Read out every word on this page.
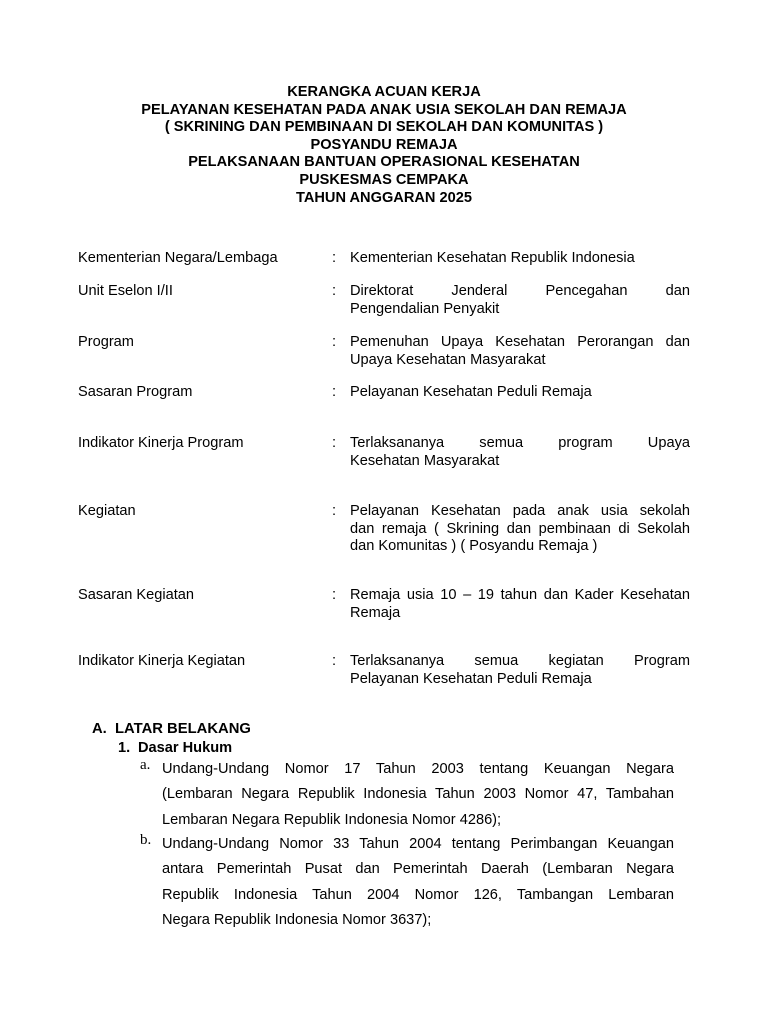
KERANGKA ACUAN KERJA
PELAYANAN KESEHATAN PADA ANAK USIA SEKOLAH DAN REMAJA
( SKRINING DAN PEMBINAAN DI SEKOLAH DAN KOMUNITAS )
POSYANDU REMAJA
PELAKSANAAN BANTUAN OPERASIONAL KESEHATAN
PUSKESMAS CEMPAKA
TAHUN ANGGARAN 2025
Kementerian Negara/Lembaga	: Kementerian Kesehatan Republik Indonesia
Unit Eselon I/II	: Direktorat Jenderal Pencegahan dan
Pengendalian Penyakit
Program	: Pemenuhan Upaya Kesehatan Perorangan dan
Upaya Kesehatan Masyarakat
Sasaran Program	: Pelayanan Kesehatan Peduli Remaja
Indikator Kinerja Program	: Terlaksananya semua program Upaya
Kesehatan Masyarakat
Kegiatan	: Pelayanan Kesehatan pada anak usia sekolah
dan remaja ( Skrining dan pembinaan di Sekolah
dan Komunitas ) ( Posyandu Remaja )
Sasaran Kegiatan	: Remaja usia 10 – 19 tahun dan Kader Kesehatan
Remaja
Indikator Kinerja Kegiatan	: Terlaksananya semua kegiatan Program
Pelayanan Kesehatan Peduli Remaja
A. LATAR BELAKANG
1. Dasar Hukum
a. Undang-Undang Nomor 17 Tahun 2003 tentang Keuangan Negara
(Lembaran Negara Republik Indonesia Tahun 2003 Nomor 47, Tambahan
Lembaran Negara Republik Indonesia Nomor 4286);
b. Undang-Undang Nomor 33 Tahun 2004 tentang Perimbangan Keuangan
antara Pemerintah Pusat dan Pemerintah Daerah (Lembaran Negara
Republik Indonesia Tahun 2004 Nomor 126, Tambangan Lembaran
Negara Republik Indonesia Nomor 3637);
